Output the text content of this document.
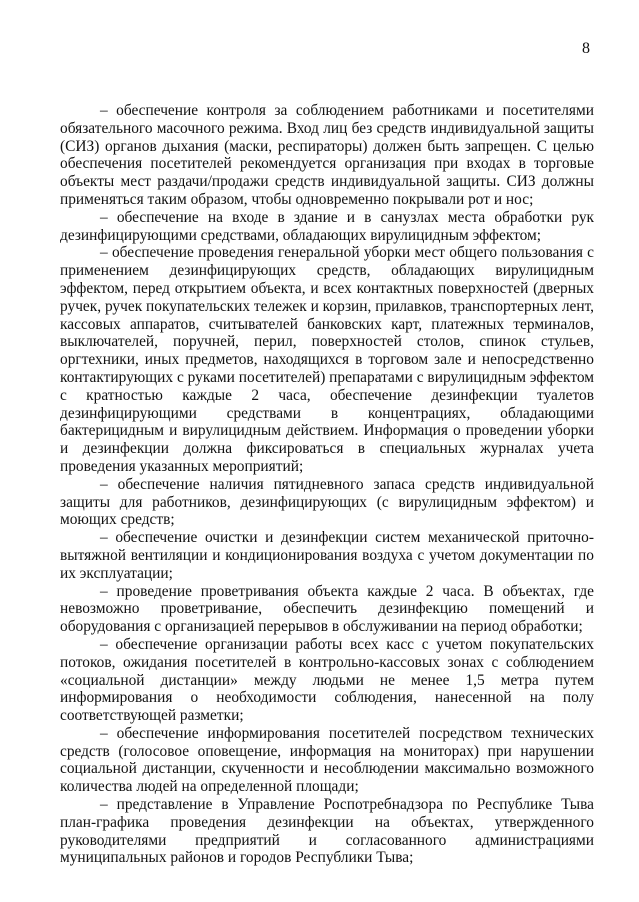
8

– обеспечение контроля за соблюдением работниками и посетителями обязательного масочного режима. Вход лиц без средств индивидуальной защиты (СИЗ) органов дыхания (маски, респираторы) должен быть запрещен. С целью обеспечения посетителей рекомендуется организация при входах в торговые объекты мест раздачи/продажи средств индивидуальной защиты. СИЗ должны применяться таким образом, чтобы одновременно покрывали рот и нос;

– обеспечение на входе в здание и в санузлах места обработки рук дезинфицирующими средствами, обладающих вирулицидным эффектом;

– обеспечение проведения генеральной уборки мест общего пользования с применением дезинфицирующих средств, обладающих вирулицидным эффектом, перед открытием объекта, и всех контактных поверхностей (дверных ручек, ручек покупательских тележек и корзин, прилавков, транспортерных лент, кассовых аппаратов, считывателей банковских карт, платежных терминалов, выключателей, поручней, перил, поверхностей столов, спинок стульев, оргтехники, иных предметов, находящихся в торговом зале и непосредственно контактирующих с руками посетителей) препаратами с вирулицидным эффектом с кратностью каждые 2 часа, обеспечение дезинфекции туалетов дезинфицирующими средствами в концентрациях, обладающими бактерицидным и вирулицидным действием. Информация о проведении уборки и дезинфекции должна фиксироваться в специальных журналах учета проведения указанных мероприятий;

– обеспечение наличия пятидневного запаса средств индивидуальной защиты для работников, дезинфицирующих (с вирулицидным эффектом) и моющих средств;

– обеспечение очистки и дезинфекции систем механической приточно-вытяжной вентиляции и кондиционирования воздуха с учетом документации по их эксплуатации;

– проведение проветривания объекта каждые 2 часа. В объектах, где невозможно проветривание, обеспечить дезинфекцию помещений и оборудования с организацией перерывов в обслуживании на период обработки;

– обеспечение организации работы всех касс с учетом покупательских потоков, ожидания посетителей в контрольно-кассовых зонах с соблюдением «социальной дистанции» между людьми не менее 1,5 метра путем информирования о необходимости соблюдения, нанесенной на полу соответствующей разметки;

– обеспечение информирования посетителей посредством технических средств (голосовое оповещение, информация на мониторах) при нарушении социальной дистанции, скученности и несоблюдении максимально возможного количества людей на определенной площади;

– представление в Управление Роспотребнадзора по Республике Тыва план-графика проведения дезинфекции на объектах, утвержденного руководителями предприятий и согласованного администрациями муниципальных районов и городов Республики Тыва;
